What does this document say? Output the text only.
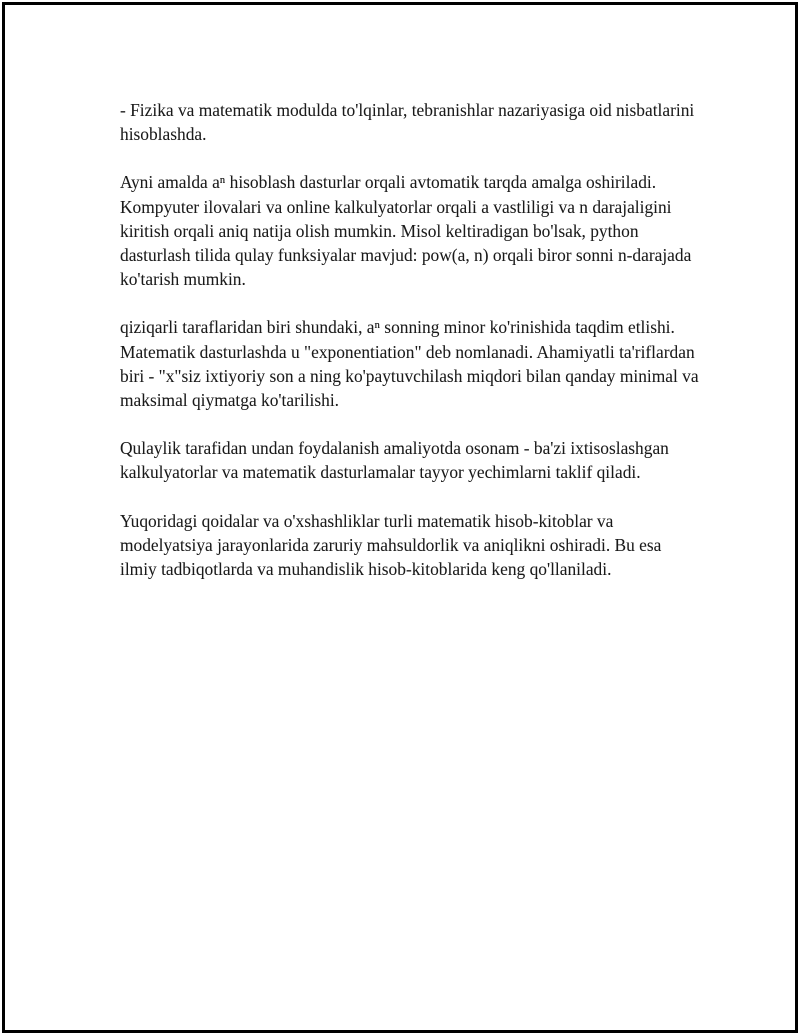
- Fizika va matematik modulda to'lqinlar, tebranishlar nazariyasiga oid nisbatlarini hisoblashda.

Ayni amalda aⁿ hisoblash dasturlar orqali avtomatik tarqda amalga oshiriladi. Kompyuter ilovalari va online kalkulyatorlar orqali a vastliligi va n darajaligini kiritish orqali aniq natija olish mumkin. Misol keltiradigan bo'lsak, python dasturlash tilida qulay funksiyalar mavjud: pow(a, n) orqali biror sonni n-darajada ko'tarish mumkin.

qiziqarli taraflaridan biri shundaki, aⁿ sonning minor ko'rinishida taqdim etlishi. Matematik dasturlashda u "exponentiation" deb nomlanadi. Ahamiyatli ta'riflardan biri - "x"siz ixtiyoriy son a ning ko'paytuvchilash miqdori bilan qanday minimal va maksimal qiymatga ko'tarilishi.

Qulaylik tarafidan undan foydalanish amaliyotda osonam - ba'zi ixtisoslashgan kalkulyatorlar va matematik dasturlamalar tayyor yechimlarni taklif qiladi.

Yuqoridagi qoidalar va o'xshashliklar turli matematik hisob-kitoblar va modelyatsiya jarayonlarida zaruriy mahsuldorlik va aniqlikni oshiradi. Bu esa ilmiy tadbiqotlarda va muhandislik hisob-kitoblarida keng qo'llaniladi.
